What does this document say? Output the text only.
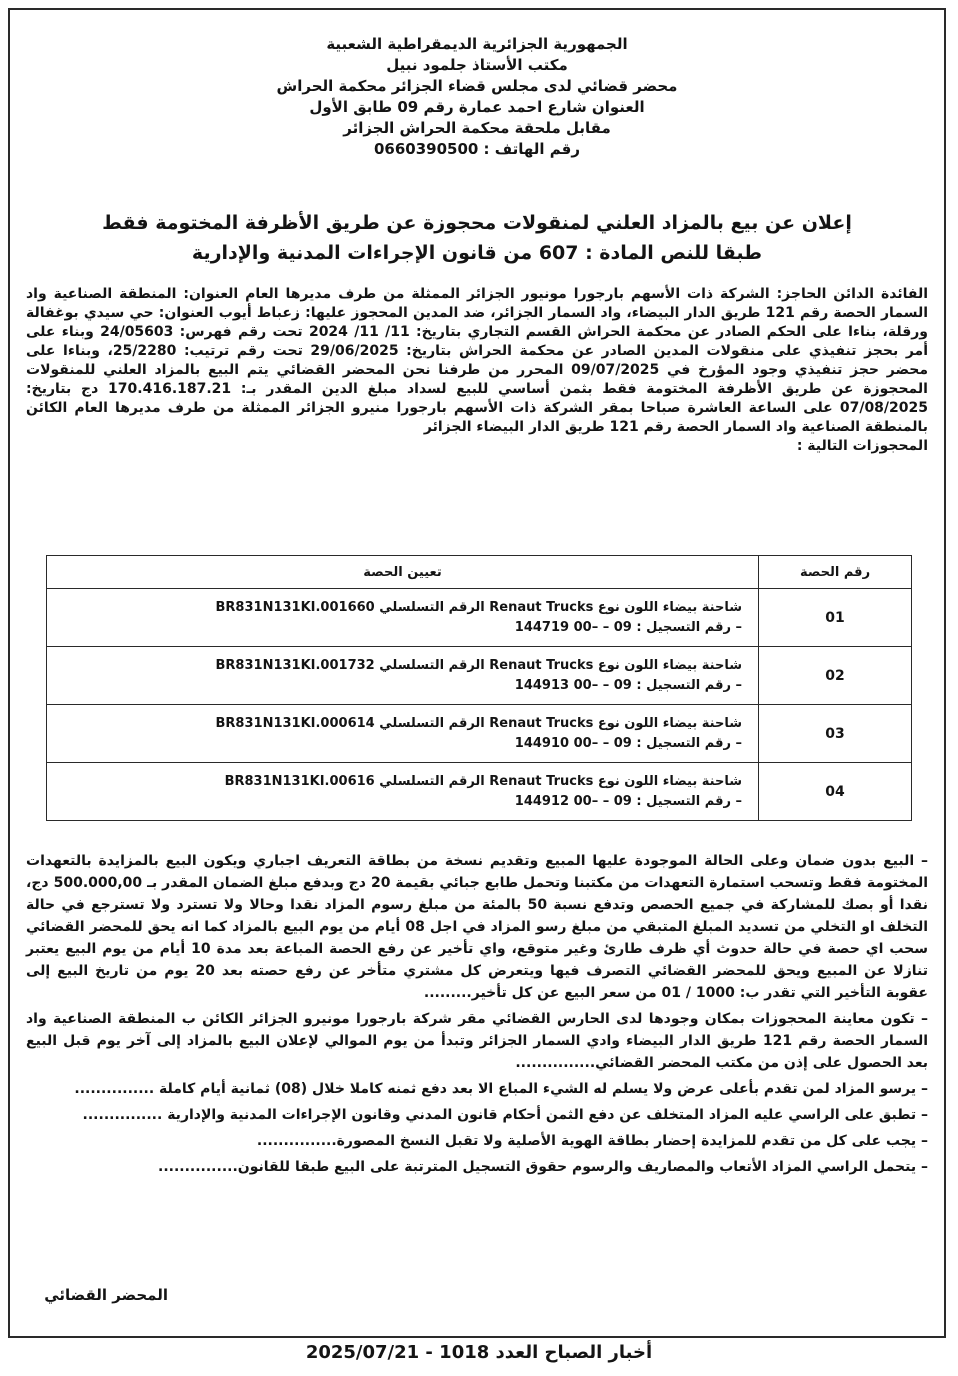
الجمهورية الجزائرية الديمقراطية الشعبية
مكتب الأستاذ جلمود نبيل
محضر قضائي لدى مجلس قضاء الجزائر محكمة الحراش
العنوان شارع احمد عمارة رقم 09 طابق الأول
مقابل ملحقة محكمة الحراش الجزائر
رقم الهاتف : 0660390500
إعلان عن بيع بالمزاد العلني لمنقولات محجوزة عن طريق الأظرفة المختومة فقط
طبقا للنص المادة : 607 من قانون الإجراءات المدنية والإدارية

الفائدة الدائن الحاجز: الشركة ذات الأسهم بارجورا مونيور الجزائر الممثلة من طرف مديرها العام العنوان: المنطقة الصناعية واد السمار الحصة رقم 121 طريق الدار البيضاء، واد السمار الجزائر، ضد المدين المحجوز عليها: زعباط أيوب العنوان: حي سيدي بوغفالة ورقلة، بناءا على الحكم الصادر عن محكمة الحراش القسم التجاري بتاريخ: 11/ 11/ 2024 تحت رقم فهرس: 24/05603 وبناء على أمر بحجز تنفيذي على منقولات المدين الصادر عن محكمة الحراش بتاريخ: 29/06/2025 تحت رقم ترتيب: 25/2280، وبناءا على محضر حجز تنفيذي وجود المؤرخ في 09/07/2025 المحرر من طرفنا نحن المحضر القضائي يتم البيع بالمزاد العلني للمنقولات المحجوزة عن طريق الأظرفة المختومة فقط بثمن أساسي للبيع لسداد مبلغ الدين المقدر بـ: 170.416.187.21 دج بتاريخ: 07/08/2025 على الساعة العاشرة صباحا بمقر الشركة ذات الأسهم بارجورا منيرو الجزائر الممثلة من طرف مديرها العام الكائن بالمنطقة الصناعية واد السمار الحصة رقم 121 طريق الدار البيضاء الجزائر

المحجوزات التالية :

رقم الحصة	تعيين الحصة
01	شاحنة بيضاء اللون نوع Renaut Trucks الرقم التسلسلي BR831N131KI.001660
– رقم التسجيل : 09 – –00 144719

02	شاحنة بيضاء اللون نوع Renaut Trucks الرقم التسلسلي BR831N131KI.001732
– رقم التسجيل : 09 – –00 144913

03	شاحنة بيضاء اللون نوع Renaut Trucks الرقم التسلسلي BR831N131KI.000614
– رقم التسجيل : 09 – –00 144910

04	شاحنة بيضاء اللون نوع Renaut Trucks الرقم التسلسلي BR831N131KI.00616
– رقم التسجيل : 09 – –00 144912

– البيع بدون ضمان وعلى الحالة الموجودة عليها المبيع وتقديم نسخة من بطاقة التعريف اجباري ويكون البيع بالمزايدة بالتعهدات المختومة فقط وتسحب استمارة التعهدات من مكتبنا وتحمل طابع جبائي بقيمة 20 دج وبدفع مبلغ الضمان المقدر بـ 500.000,00 دج، نقدا أو بصك للمشاركة في جميع الحصص وتدفع نسبة 50 بالمئة من مبلغ رسوم المزاد نقدا وحالا ولا تسترد ولا تسترجع في حالة التخلف او التخلي من تسديد المبلغ المتبقي من مبلغ رسو المزاد في اجل 08 أيام من يوم البيع بالمزاد كما انه يحق للمحضر القضائي سحب اي حصة في حالة حدوث أي ظرف طارئ وغير متوقع، واي تأخير عن رفع الحصة المباعة بعد مدة 10 أيام من يوم البيع يعتبر تنازلا عن المبيع ويحق للمحضر القضائي التصرف فيها ويتعرض كل مشتري متأخر عن رفع حصته بعد 20 يوم من تاريخ البيع إلى عقوبة التأخير التي تقدر ب: 1000 / 01 من سعر البيع عن كل تأخير.........

– تكون معاينة المحجوزات بمكان وجودها لدى الحارس القضائي مقر شركة بارجورا مونيرو الجزائر الكائن ب المنطقة الصناعية واد السمار الحصة رقم 121 طريق الدار البيضاء وادي السمار الجزائر وتبدأ من يوم الموالي لإعلان البيع بالمزاد إلى آخر يوم قبل البيع بعد الحصول على إذن من مكتب المحضر القضائي...............

– يرسو المزاد لمن تقدم بأعلى عرض ولا يسلم له الشيء المباع الا بعد دفع ثمنه كاملا خلال (08) ثمانية أيام كاملة ...............

– تطبق على الراسي عليه المزاد المتخلف عن دفع الثمن أحكام قانون المدني وقانون الإجراءات المدنية والإدارية ...............

– يجب على كل من تقدم للمزايدة إحضار بطاقة الهوية الأصلية ولا تقبل النسخ المصورة...............

– يتحمل الراسي المزاد الأتعاب والمصاريف والرسوم حقوق التسجيل المترتبة على البيع طبقا للقانون...............

المحضر القضائي
أخبار الصباح العدد 1018 - 2025/07/21
